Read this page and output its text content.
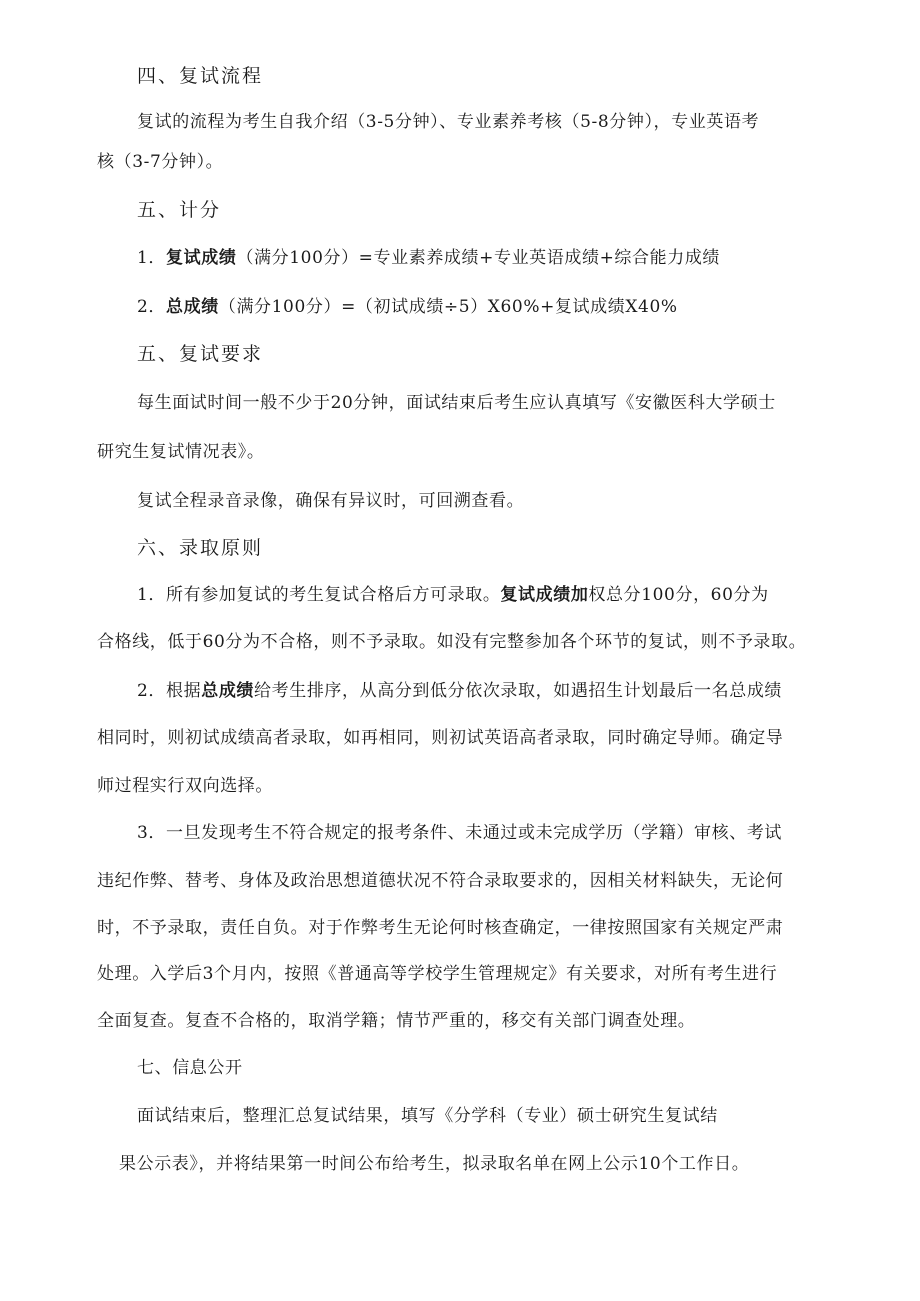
四、复试流程
复试的流程为考生自我介绍（3-5分钟）、专业素养考核（5-8分钟），专业英语考
核（3-7分钟）。
五、计分
1．复试成绩（满分100分）=专业素养成绩+专业英语成绩+综合能力成绩
2．总成绩（满分100分）=（初试成绩÷5）X60%+复试成绩X40%
五、复试要求
每生面试时间一般不少于20分钟，面试结束后考生应认真填写《安徽医科大学硕士
研究生复试情况表》。
复试全程录音录像，确保有异议时，可回溯查看。
六、录取原则
1．所有参加复试的考生复试合格后方可录取。复试成绩加权总分100分，60分为
合格线，低于60分为不合格，则不予录取。如没有完整参加各个环节的复试，则不予录取。
2．根据总成绩给考生排序，从高分到低分依次录取，如遇招生计划最后一名总成绩
相同时，则初试成绩高者录取，如再相同，则初试英语高者录取，同时确定导师。确定导
师过程实行双向选择。
3．一旦发现考生不符合规定的报考条件、未通过或未完成学历（学籍）审核、考试
违纪作弊、替考、身体及政治思想道德状况不符合录取要求的，因相关材料缺失，无论何
时，不予录取，责任自负。对于作弊考生无论何时核查确定，一律按照国家有关规定严肃
处理。入学后3个月内，按照《普通高等学校学生管理规定》有关要求，对所有考生进行
全面复查。复查不合格的，取消学籍；情节严重的，移交有关部门调查处理。
七、信息公开
面试结束后，整理汇总复试结果，填写《分学科（专业）硕士研究生复试结
果公示表》，并将结果第一时间公布给考生，拟录取名单在网上公示10个工作日。
